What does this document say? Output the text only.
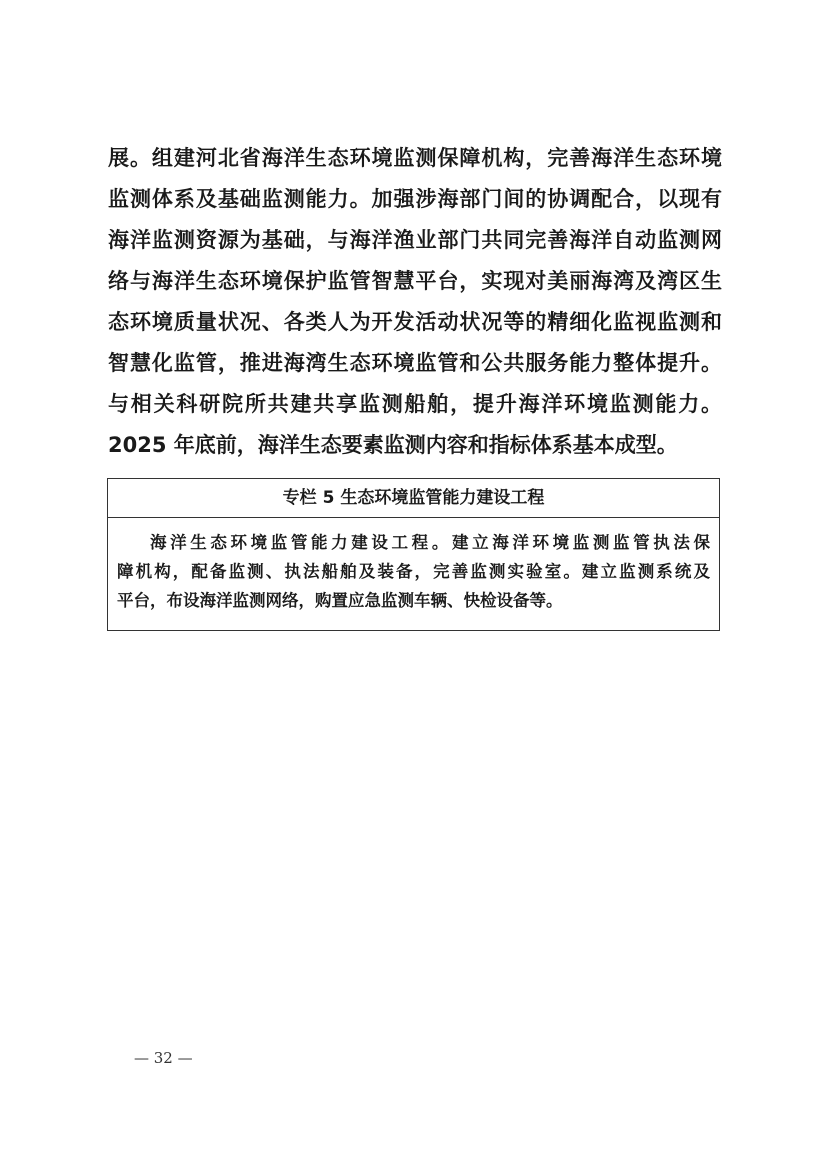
展。组建河北省海洋生态环境监测保障机构，完善海洋生态环境
监测体系及基础监测能力。加强涉海部门间的协调配合，以现有
海洋监测资源为基础，与海洋渔业部门共同完善海洋自动监测网
络与海洋生态环境保护监管智慧平台，实现对美丽海湾及湾区生
态环境质量状况、各类人为开发活动状况等的精细化监视监测和
智慧化监管，推进海湾生态环境监管和公共服务能力整体提升。
与相关科研院所共建共享监测船舶，提升海洋环境监测能力。
2025 年底前，海洋生态要素监测内容和指标体系基本成型。
专栏 5 生态环境监管能力建设工程
海洋生态环境监管能力建设工程。建立海洋环境监测监管执法保
障机构，配备监测、执法船舶及装备，完善监测实验室。建立监测系统及
平台，布设海洋监测网络，购置应急监测车辆、快检设备等。
— 32 —
